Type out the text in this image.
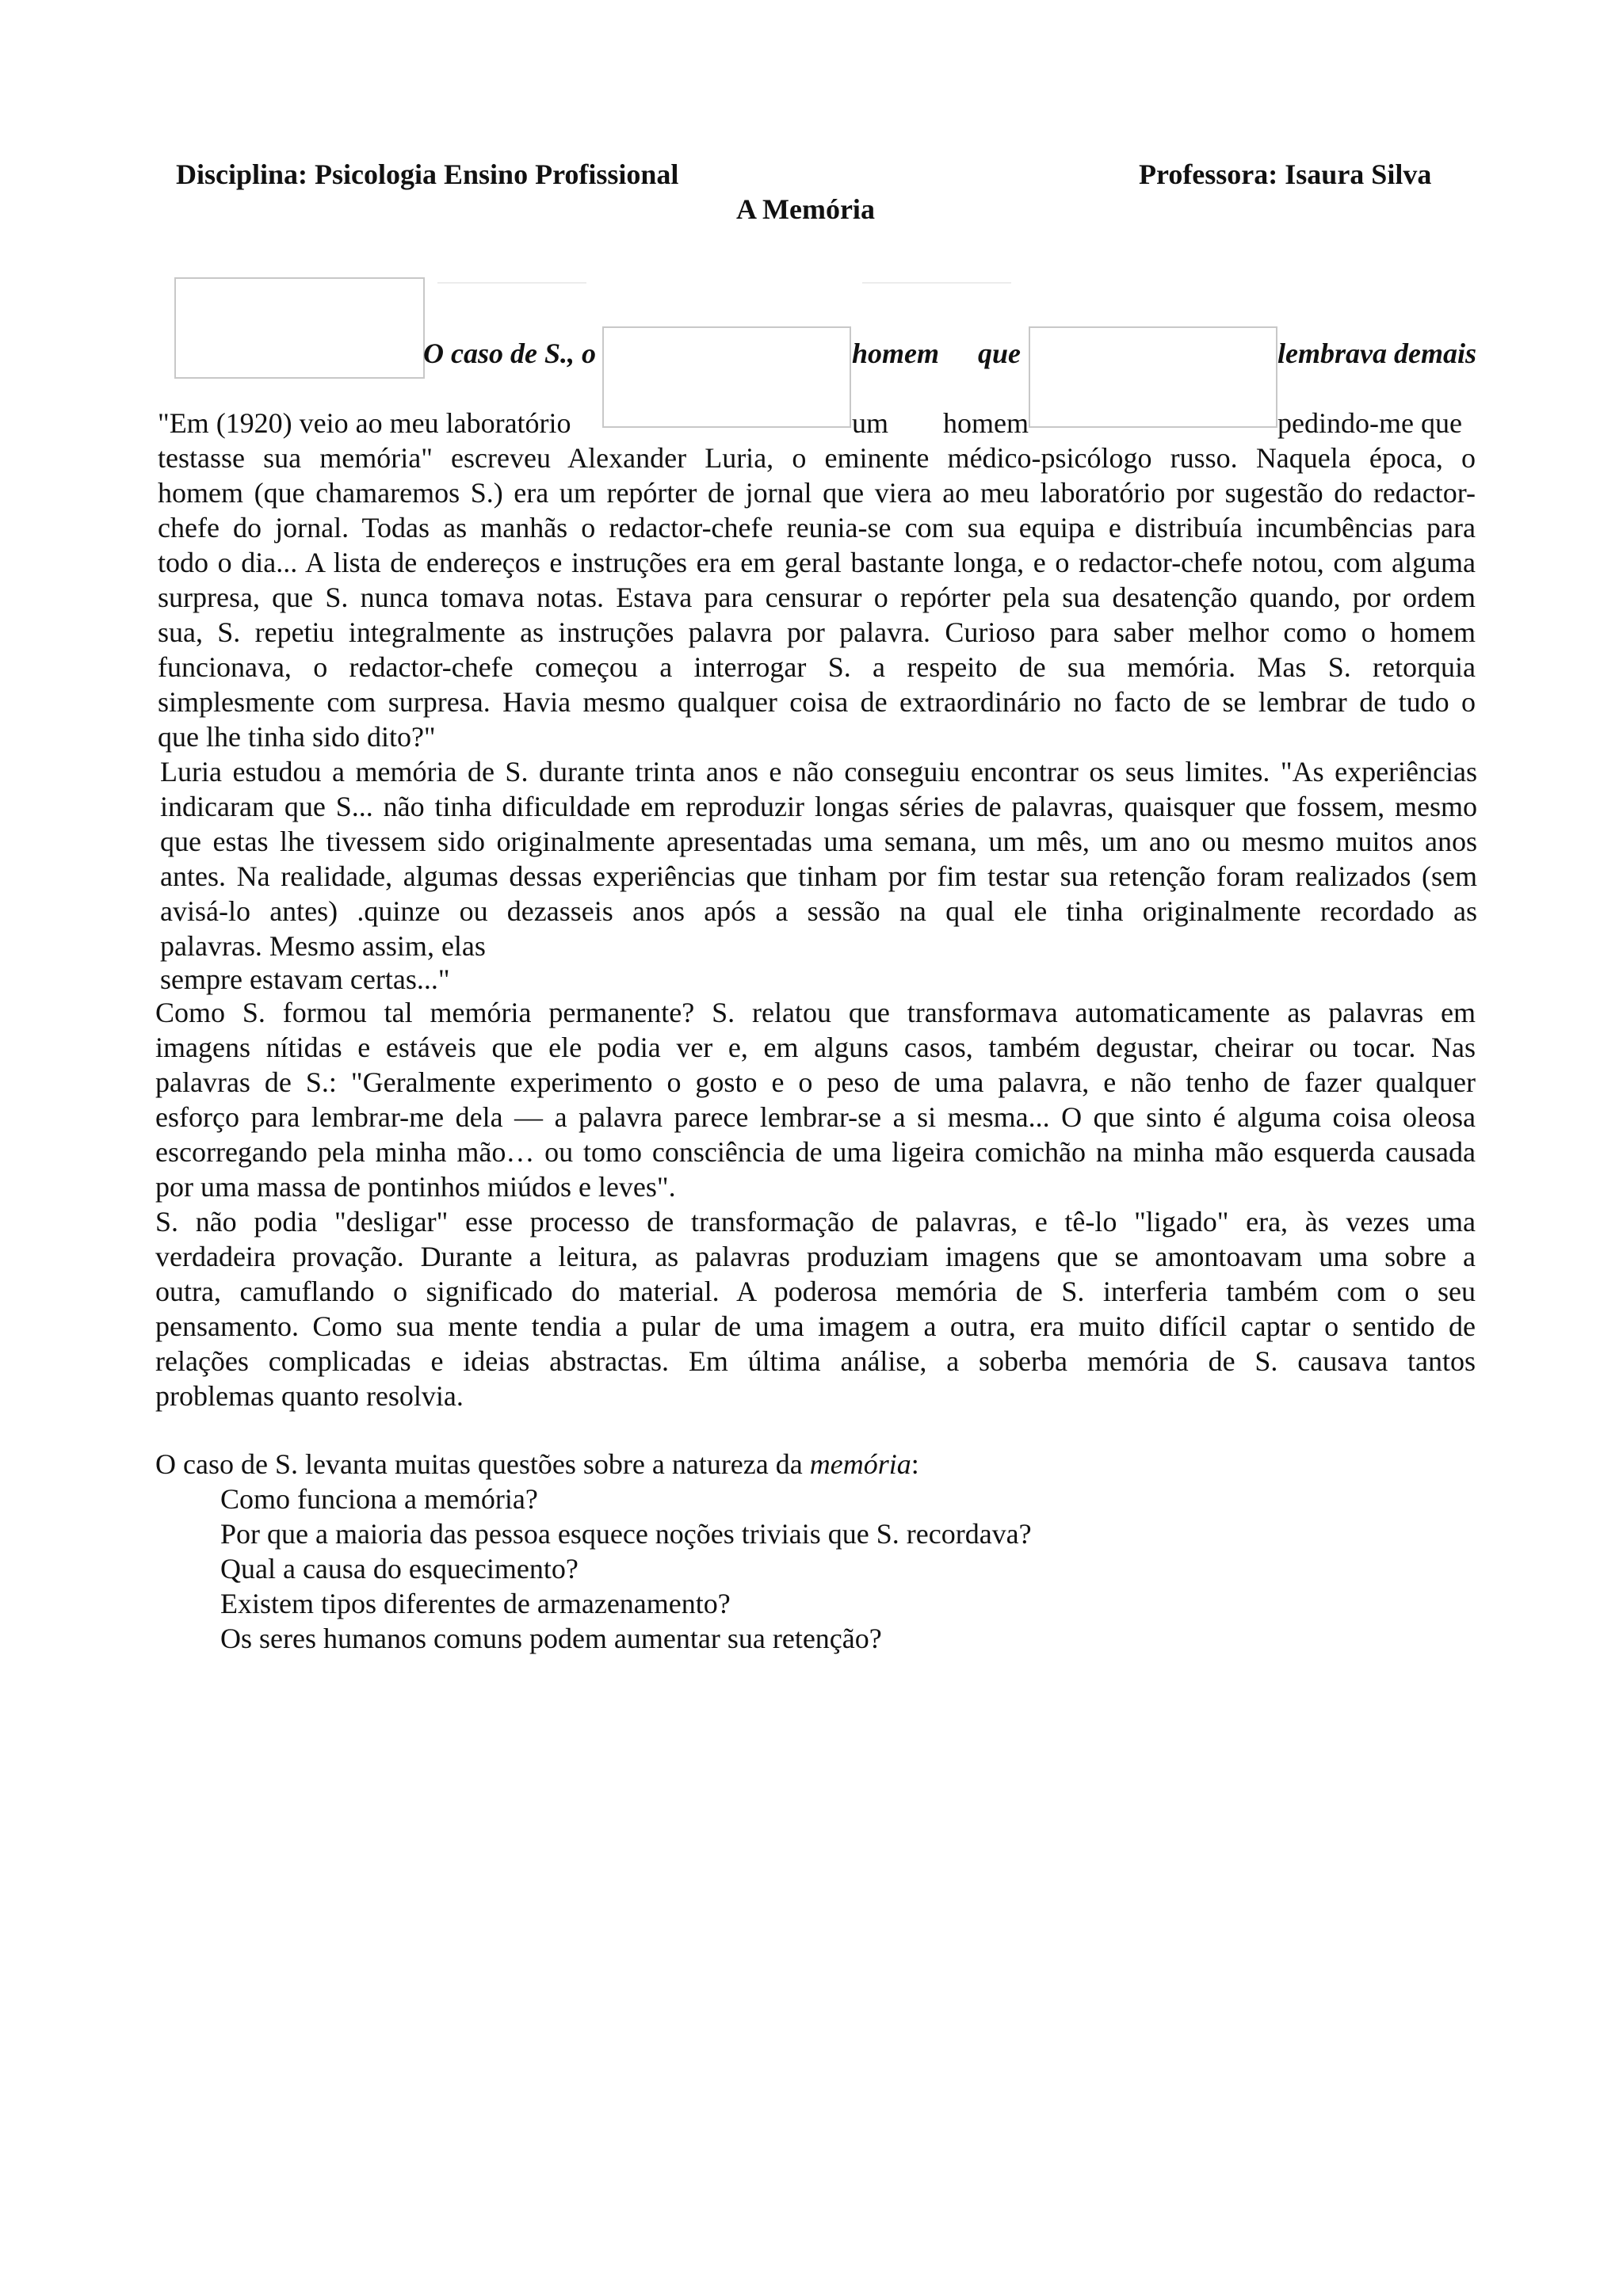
Disciplina: Psicologia Ensino Profissional	Professora: Isaura Silva
A Memória
O caso de S., o	homem que	lembrava demais
"Em (1920) veio ao meu laboratório	um homem	pedindo-me que
testasse sua memória" escreveu Alexander Luria, o eminente médico-psicólogo russo. Naquela época, o
homem (que chamaremos S.) era um repórter de jornal que viera ao meu laboratório por sugestão do redactor-
chefe do jornal. Todas as manhãs o redactor-chefe reunia-se com sua equipa e distribuía incumbências para
todo o dia... A lista de endereços e instruções era em geral bastante longa, e o redactor-chefe notou, com alguma
surpresa, que S. nunca tomava notas. Estava para censurar o repórter pela sua desatenção quando, por ordem
sua, S. repetiu integralmente as instruções palavra por palavra. Curioso para saber melhor como o homem
funcionava, o redactor-chefe começou a interrogar S. a respeito de sua memória. Mas S. retorquia
simplesmente com surpresa. Havia mesmo qualquer coisa de extraordinário no facto de se lembrar de tudo o
que lhe tinha sido dito?"
Luria estudou a memória de S. durante trinta anos e não conseguiu encontrar os seus limites. "As experiências
indicaram que S... não tinha dificuldade em reproduzir longas séries de palavras, quaisquer que fossem, mesmo
que estas lhe tivessem sido originalmente apresentadas uma semana, um mês, um ano ou mesmo muitos anos
antes. Na realidade, algumas dessas experiências que tinham por fim testar sua retenção foram realizados (sem
avisá-lo antes) .quinze ou dezasseis anos após a sessão na qual ele tinha originalmente recordado as
palavras. Mesmo assim, elas
sempre estavam certas..."
Como S. formou tal memória permanente? S. relatou que transformava automaticamente as palavras em
imagens nítidas e estáveis que ele podia ver e, em alguns casos, também degustar, cheirar ou tocar. Nas
palavras de S.: "Geralmente experimento o gosto e o peso de uma palavra, e não tenho de fazer qualquer
esforço para lembrar-me dela — a palavra parece lembrar-se a si mesma... O que sinto é alguma coisa oleosa
escorregando pela minha mão… ou tomo consciência de uma ligeira comichão na minha mão esquerda causada
por uma massa de pontinhos miúdos e leves".
S. não podia "desligar" esse processo de transformação de palavras, e tê-lo "ligado" era, às vezes uma
verdadeira provação. Durante a leitura, as palavras produziam imagens que se amontoavam uma sobre a
outra, camuflando o significado do material. A poderosa memória de S. interferia também com o seu
pensamento. Como sua mente tendia a pular de uma imagem a outra, era muito difícil captar o sentido de
relações complicadas e ideias abstractas. Em última análise, a soberba memória de S. causava tantos
problemas quanto resolvia.
O caso de S. levanta muitas questões sobre a natureza da memória:
Como funciona a memória?
Por que a maioria das pessoa esquece noções triviais que S. recordava?
Qual a causa do esquecimento?
Existem tipos diferentes de armazenamento?
Os seres humanos comuns podem aumentar sua retenção?
